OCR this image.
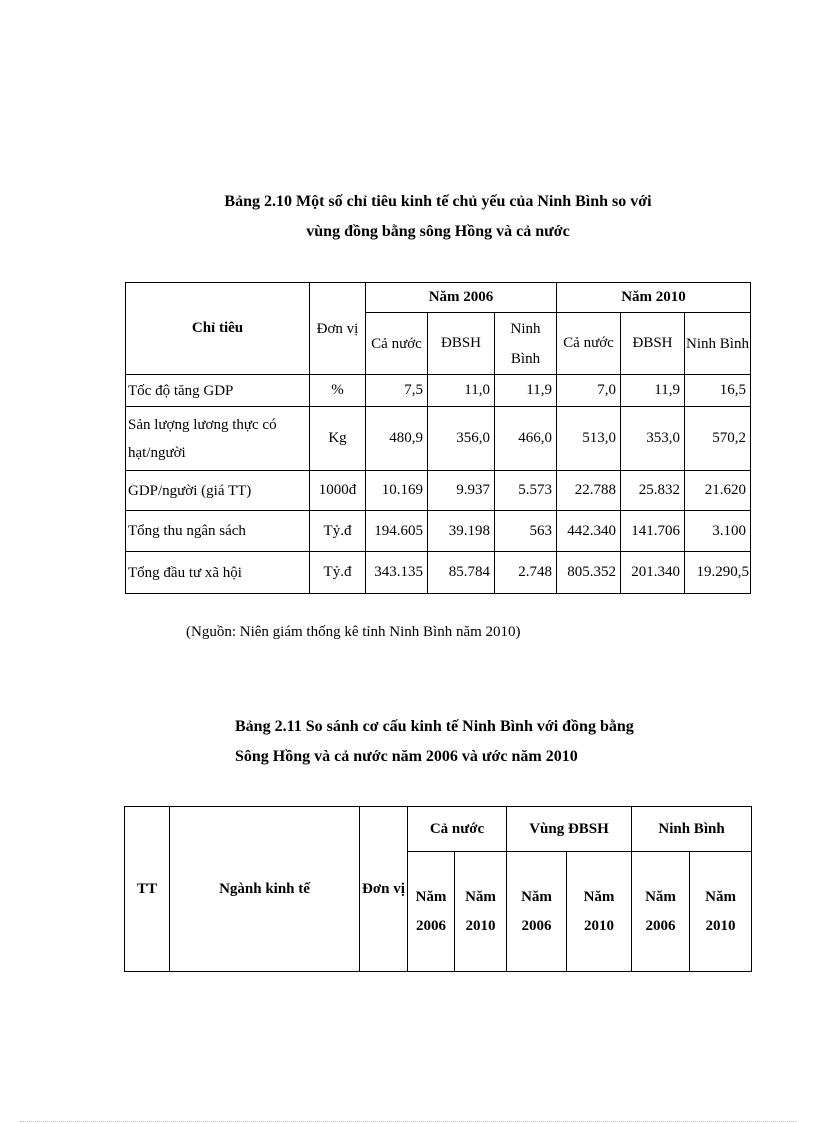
Bảng 2.10 Một số chỉ tiêu kinh tế chủ yếu của Ninh Bình so với
vùng đồng bằng sông Hồng và cả nước
Chỉ tiêu	Đơn vị	Năm 2006			Năm 2010		
		Cả nước	ĐBSH	Ninh Bình	Cả nước	ĐBSH	Ninh Bình
Tốc độ tăng GDP	%	7,5	11,0	11,9	7,0	11,9	16,5
Sản lượng lương thực có hạt/người	Kg	480,9	356,0	466,0	513,0	353,0	570,2
GDP/người (giá TT)	1000đ	10.169	9.937	5.573	22.788	25.832	21.620
Tổng thu ngân sách	Tỷ.đ	194.605	39.198	563	442.340	141.706	3.100
Tổng đầu tư xã hội	Tỷ.đ	343.135	85.784	2.748	805.352	201.340	19.290,5
(Nguồn: Niên giám thống kê tỉnh Ninh Bình năm 2010)
Bảng 2.11 So sánh cơ cấu kinh tế Ninh Bình với đồng bằng
Sông Hồng và cả nước năm 2006 và ước năm 2010
TT	Ngành kinh tế	Đơn vị	Cả nước		Vùng ĐBSH		Ninh Bình	
			Năm 2006	Năm 2010	Năm 2006	Năm 2010	Năm 2006	Năm 2010
